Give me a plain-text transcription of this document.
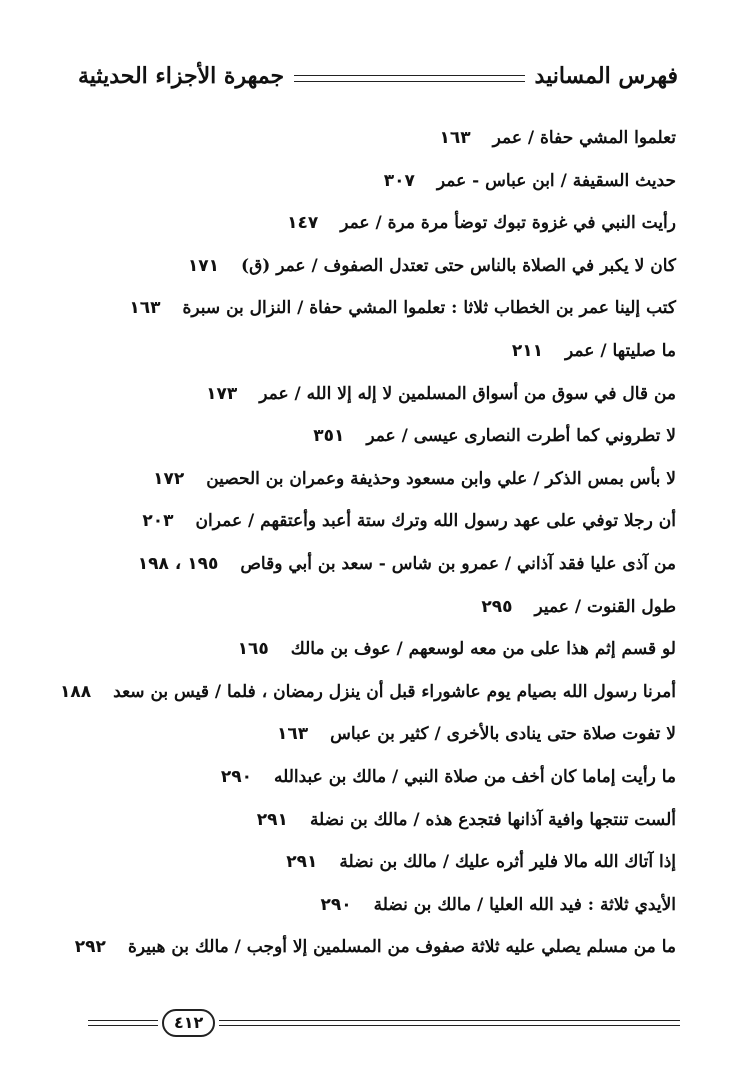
فهرس المسانيد
جمهرة الأجزاء الحديثية
تعلموا المشي حفاة / عمر١٦٣
حديث السقيفة / ابن عباس - عمر٣٠٧
رأيت النبي في غزوة تبوك توضأ مرة مرة / عمر١٤٧
كان لا يكبر في الصلاة بالناس حتى تعتدل الصفوف / عمر (ق)١٧١
كتب إلينا عمر بن الخطاب ثلاثا : تعلموا المشي حفاة / النزال بن سبرة١٦٣
ما صليتها / عمر٢١١
من قال في سوق من أسواق المسلمين لا إله إلا الله / عمر١٧٣
لا تطروني كما أطرت النصارى عيسى / عمر٣٥١
لا بأس بمس الذكر / علي وابن مسعود وحذيفة وعمران بن الحصين١٧٢
أن رجلا توفي على عهد رسول الله وترك ستة أعبد وأعتقهم / عمران٢٠٣
من آذى عليا فقد آذاني / عمرو بن شاس - سعد بن أبي وقاص١٩٥ ، ١٩٨
طول القنوت / عمير٢٩٥
لو قسم إثم هذا على من معه لوسعهم / عوف بن مالك١٦٥
أمرنا رسول الله بصيام يوم عاشوراء قبل أن ينزل رمضان ، فلما / قيس بن سعد١٨٨
لا تفوت صلاة حتى ينادى بالأخرى / كثير بن عباس١٦٣
ما رأيت إماما كان أخف من صلاة النبي / مالك بن عبدالله٢٩٠
ألست تنتجها وافية آذانها فتجدع هذه / مالك بن نضلة٢٩١
إذا آتاك الله مالا فلير أثره عليك / مالك بن نضلة٢٩١
الأيدي ثلاثة : فيد الله العليا / مالك بن نضلة٢٩٠
ما من مسلم يصلي عليه ثلاثة صفوف من المسلمين إلا أوجب / مالك بن هبيرة٢٩٢
٤١٢
